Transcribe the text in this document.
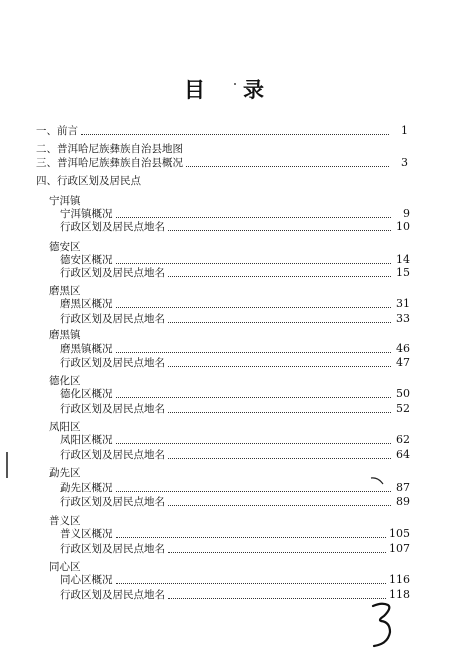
目 录
一、前言	1
二、普洱哈尼族彝族自治县地图
三、普洱哈尼族彝族自治县概况	3
四、行政区划及居民点
宁洱镇
宁洱镇概况	9
行政区划及居民点地名	10
德安区
德安区概况	14
行政区划及居民点地名	15
磨黑区
磨黑区概况	31
行政区划及居民点地名	33
磨黑镇
磨黑镇概况	46
行政区划及居民点地名	47
德化区
德化区概况	50
行政区划及居民点地名	52
凤阳区
凤阳区概况	62
行政区划及居民点地名	64
勐先区
勐先区概况	87
行政区划及居民点地名	89
普义区
普义区概况	105
行政区划及居民点地名	107
同心区
同心区概况	116
行政区划及居民点地名	118
